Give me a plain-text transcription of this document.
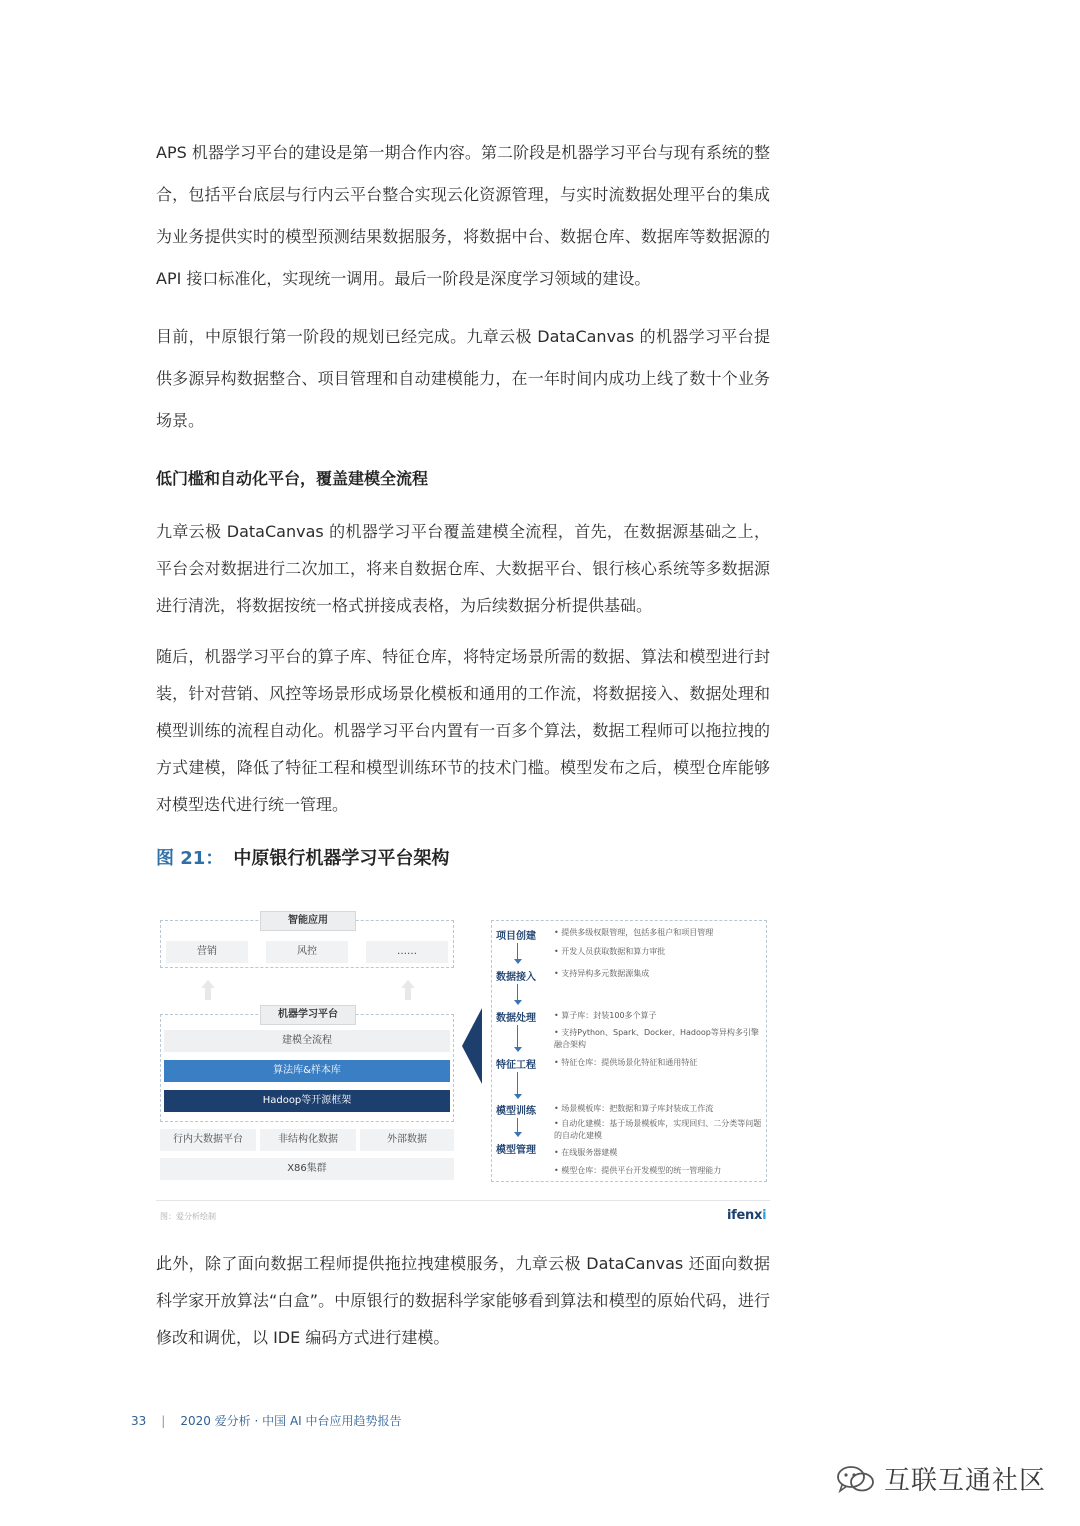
APS 机器学习平台的建设是第一期合作内容。第二阶段是机器学习平台与现有系统的整合，包括平台底层与行内云平台整合实现云化资源管理，与实时流数据处理平台的集成为业务提供实时的模型预测结果数据服务，将数据中台、数据仓库、数据库等数据源的 API 接口标准化，实现统一调用。最后一阶段是深度学习领域的建设。
目前，中原银行第一阶段的规划已经完成。九章云极 DataCanvas 的机器学习平台提供多源异构数据整合、项目管理和自动建模能力，在一年时间内成功上线了数十个业务场景。
低门槛和自动化平台，覆盖建模全流程
九章云极 DataCanvas 的机器学习平台覆盖建模全流程，首先，在数据源基础之上，平台会对数据进行二次加工，将来自数据仓库、大数据平台、银行核心系统等多数据源进行清洗，将数据按统一格式拼接成表格，为后续数据分析提供基础。
随后，机器学习平台的算子库、特征仓库，将特定场景所需的数据、算法和模型进行封装，针对营销、风控等场景形成场景化模板和通用的工作流，将数据接入、数据处理和模型训练的流程自动化。机器学习平台内置有一百多个算法，数据工程师可以拖拉拽的方式建模，降低了特征工程和模型训练环节的技术门槛。模型发布之后，模型仓库能够对模型迭代进行统一管理。
图 21： 中原银行机器学习平台架构
智能应用
营销	风控	……
机器学习平台
建模全流程
算法库&样本库
Hadoop等开源框架
行内大数据平台	非结构化数据	外部数据
X86集群
项目创建 • 提供多级权限管理，包括多租户和项目管理
• 开发人员获取数据和算力审批
数据接入 • 支持异构多元数据源集成
数据处理 • 算子库：封装100多个算子
• 支持Python、Spark、Docker、Hadoop等异构多引擎融合架构
特征工程 • 特征仓库：提供场景化特征和通用特征
模型训练 • 场景模板库：把数据和算子库封装成工作流
• 自动化建模：基于场景模板库，实现回归、二分类等问题的自动化建模
模型管理 • 在线服务器建模
• 模型仓库：提供平台开发模型的统一管理能力
图：爱分析绘制	ifenxi
此外，除了面向数据工程师提供拖拉拽建模服务，九章云极 DataCanvas 还面向数据科学家开放算法“白盒”。中原银行的数据科学家能够看到算法和模型的原始代码，进行修改和调优，以 IDE 编码方式进行建模。
33 | 2020 爱分析 · 中国 AI 中台应用趋势报告
互联互通社区
